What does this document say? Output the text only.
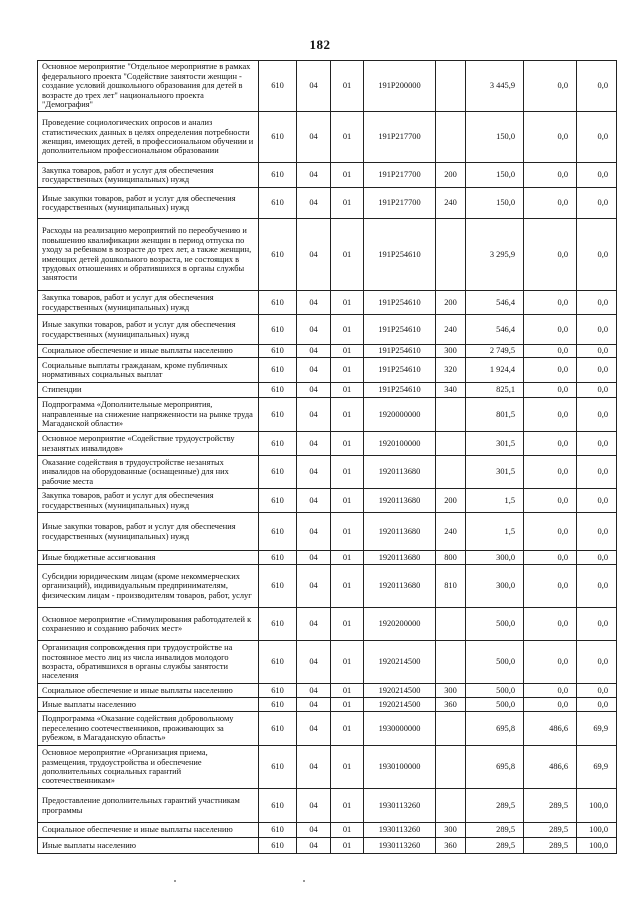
182
Основное мероприятие "Отдельное мероприятие в рамках федерального проекта "Содействие занятости женщин - создание условий дошкольного образования для детей в возрасте до трех лет" национального проекта "Демография"	610	04	01	191P200000		3 445,9	0,0	0,0
Проведение социологических опросов и анализ статистических данных в целях определения потребности женщин, имеющих детей, в профессиональном обучении и дополнительном профессиональном образовании	610	04	01	191P217700		150,0	0,0	0,0
Закупка товаров, работ и услуг для обеспечения государственных (муниципальных) нужд	610	04	01	191P217700	200	150,0	0,0	0,0
Иные закупки товаров, работ и услуг для обеспечения государственных (муниципальных) нужд	610	04	01	191P217700	240	150,0	0,0	0,0
Расходы на реализацию мероприятий по переобучению и повышению квалификации женщин в период отпуска по уходу за ребенком в возрасте до трех лет, а также женщин, имеющих детей дошкольного возраста, не состоящих в трудовых отношениях и обратившихся в органы службы занятости	610	04	01	191P254610		3 295,9	0,0	0,0
Закупка товаров, работ и услуг для обеспечения государственных (муниципальных) нужд	610	04	01	191P254610	200	546,4	0,0	0,0
Иные закупки товаров, работ и услуг для обеспечения государственных (муниципальных) нужд	610	04	01	191P254610	240	546,4	0,0	0,0
Социальное обеспечение и иные выплаты населению	610	04	01	191P254610	300	2 749,5	0,0	0,0
Социальные выплаты гражданам, кроме публичных нормативных социальных выплат	610	04	01	191P254610	320	1 924,4	0,0	0,0
Стипендии	610	04	01	191P254610	340	825,1	0,0	0,0
Подпрограмма «Дополнительные мероприятия, направленные на снижение напряженности на рынке труда Магаданской области»	610	04	01	1920000000		801,5	0,0	0,0
Основное мероприятие «Содействие трудоустройству незанятых инвалидов»	610	04	01	1920100000		301,5	0,0	0,0
Оказание содействия в трудоустройстве незанятых инвалидов на оборудованные (оснащенные) для них рабочие места	610	04	01	1920113680		301,5	0,0	0,0
Закупка товаров, работ и услуг для обеспечения государственных (муниципальных) нужд	610	04	01	1920113680	200	1,5	0,0	0,0
Иные закупки товаров, работ и услуг для обеспечения государственных (муниципальных) нужд	610	04	01	1920113680	240	1,5	0,0	0,0
Иные бюджетные ассигнования	610	04	01	1920113680	800	300,0	0,0	0,0
Субсидии юридическим лицам (кроме некоммерческих организаций), индивидуальным предпринимателям, физическим лицам - производителям товаров, работ, услуг	610	04	01	1920113680	810	300,0	0,0	0,0
Основное мероприятие «Стимулирования работодателей к сохранению и созданию рабочих мест»	610	04	01	1920200000		500,0	0,0	0,0
Организация сопровождения при трудоустройстве на постоянное место лиц из числа инвалидов молодого возраста, обратившихся в органы службы занятости населения	610	04	01	1920214500		500,0	0,0	0,0
Социальное обеспечение и иные выплаты населению	610	04	01	1920214500	300	500,0	0,0	0,0
Иные выплаты населению	610	04	01	1920214500	360	500,0	0,0	0,0
Подпрограмма «Оказание содействия добровольному переселению соотечественников, проживающих за рубежом, в Магаданскую область»	610	04	01	1930000000		695,8	486,6	69,9
Основное мероприятие «Организация приема, размещения, трудоустройства и обеспечение дополнительных социальных гарантий соотечественникам»	610	04	01	1930100000		695,8	486,6	69,9
Предоставление дополнительных гарантий участникам программы	610	04	01	1930113260		289,5	289,5	100,0
Социальное обеспечение и иные выплаты населению	610	04	01	1930113260	300	289,5	289,5	100,0
Иные выплаты населению	610	04	01	1930113260	360	289,5	289,5	100,0
